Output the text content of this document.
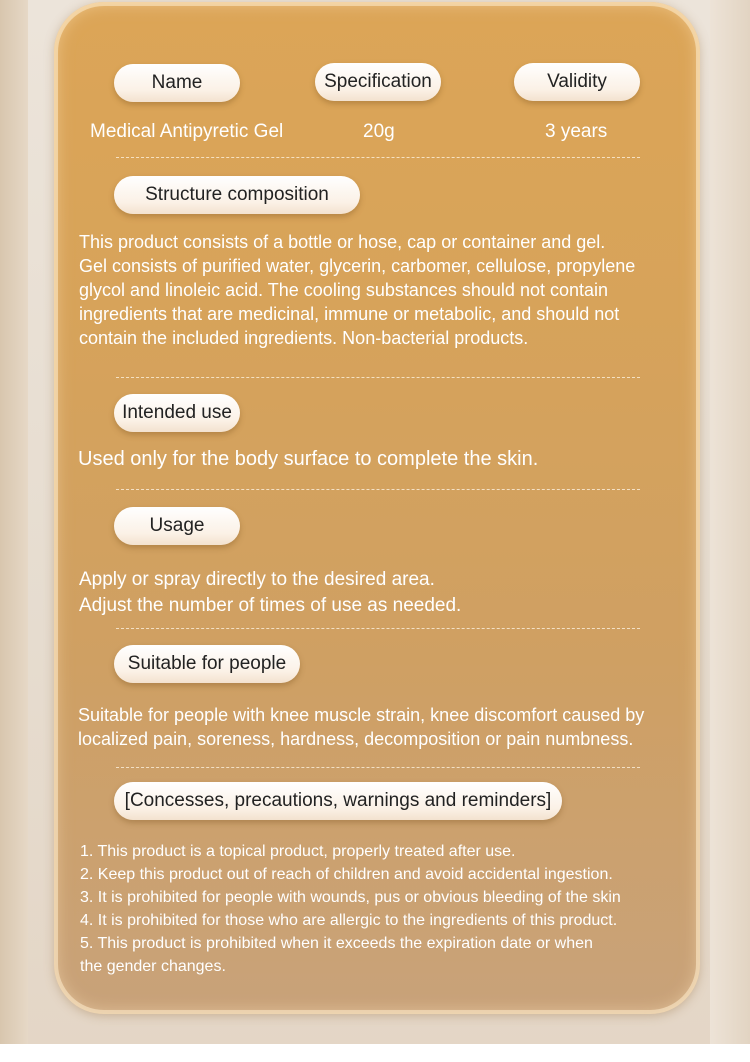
Name	Specification	Validity
Medical Antipyretic Gel	20g	3 years
Structure composition
This product consists of a bottle or hose, cap or container and gel.
Gel consists of purified water, glycerin, carbomer, cellulose, propylene
glycol and linoleic acid. The cooling substances should not contain
ingredients that are medicinal, immune or metabolic, and should not
contain the included ingredients. Non-bacterial products.
Intended use
Used only for the body surface to complete the skin.
Usage
Apply or spray directly to the desired area.
Adjust the number of times of use as needed.
Suitable for people
Suitable for people with knee muscle strain, knee discomfort caused by
localized pain, soreness, hardness, decomposition or pain numbness.
[Concesses, precautions, warnings and reminders]
1. This product is a topical product, properly treated after use.
2. Keep this product out of reach of children and avoid accidental ingestion.
3. It is prohibited for people with wounds, pus or obvious bleeding of the skin
4. It is prohibited for those who are allergic to the ingredients of this product.
5. This product is prohibited when it exceeds the expiration date or when
the gender changes.
